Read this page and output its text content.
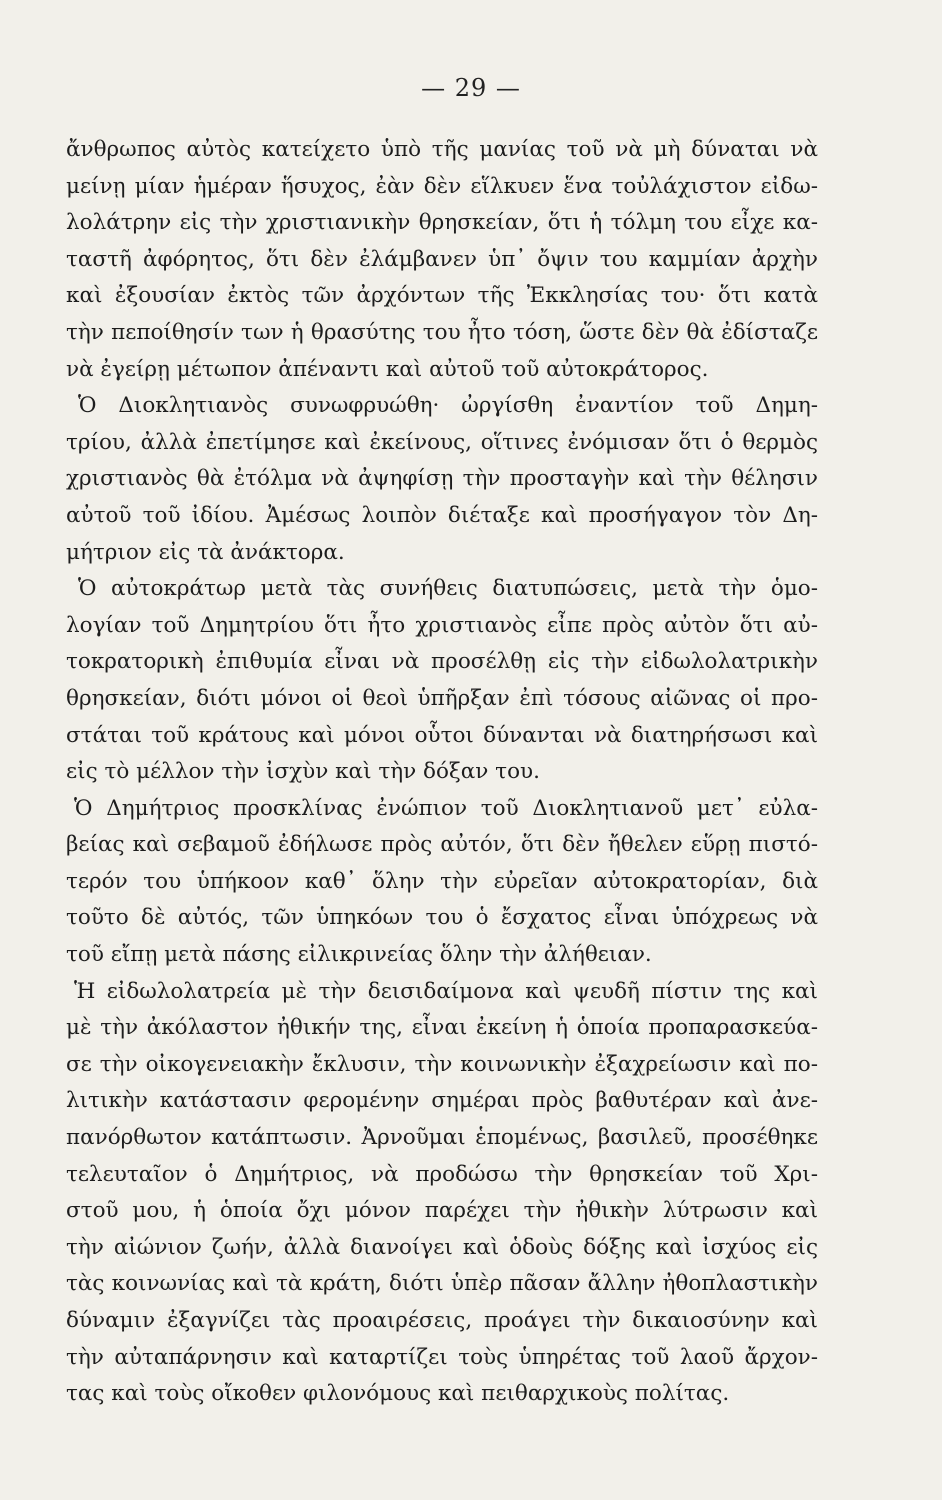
— 29 —
ἄνθρωπος αὐτὸς κατείχετο ὑπὸ τῆς μανίας τοῦ νὰ μὴ δύναται νὰ
μείνῃ μίαν ἡμέραν ἥσυχος, ἐὰν δὲν εἵλκυεν ἕνα τοὐλάχιστον εἰδω-
λολάτρην εἰς τὴν χριστιανικὴν θρησκείαν, ὅτι ἡ τόλμη του εἶχε κα-
ταστῆ ἀφόρητος, ὅτι δὲν ἐλάμβανεν ὑπ᾿ ὄψιν του καμμίαν ἀρχὴν
καὶ ἐξουσίαν ἐκτὸς τῶν ἀρχόντων τῆς Ἐκκλησίας του· ὅτι κατὰ
τὴν πεποίθησίν των ἡ θρασύτης του ἦτο τόση, ὥστε δὲν θὰ ἐδίσταζε
νὰ ἐγείρῃ μέτωπον ἀπέναντι καὶ αὐτοῦ τοῦ αὐτοκράτορος.
Ὁ Διοκλητιανὸς συνωφρυώθη· ὠργίσθη ἐναντίον τοῦ Δημη-
τρίου, ἀλλὰ ἐπετίμησε καὶ ἐκείνους, οἵτινες ἐνόμισαν ὅτι ὁ θερμὸς
χριστιανὸς θὰ ἐτόλμα νὰ ἀψηφίσῃ τὴν προσταγὴν καὶ τὴν θέλησιν
αὐτοῦ τοῦ ἰδίου. Ἀμέσως λοιπὸν διέταξε καὶ προσήγαγον τὸν Δη-
μήτριον εἰς τὰ ἀνάκτορα.
Ὁ αὐτοκράτωρ μετὰ τὰς συνήθεις διατυπώσεις, μετὰ τὴν ὁμο-
λογίαν τοῦ Δημητρίου ὅτι ἦτο χριστιανὸς εἶπε πρὸς αὐτὸν ὅτι αὐ-
τοκρατορικὴ ἐπιθυμία εἶναι νὰ προσέλθῃ εἰς τὴν εἰδωλολατρικὴν
θρησκείαν, διότι μόνοι οἱ θεοὶ ὑπῆρξαν ἐπὶ τόσους αἰῶνας οἱ προ-
στάται τοῦ κράτους καὶ μόνοι οὗτοι δύνανται νὰ διατηρήσωσι καὶ
εἰς τὸ μέλλον τὴν ἰσχὺν καὶ τὴν δόξαν του.
Ὁ Δημήτριος προσκλίνας ἐνώπιον τοῦ Διοκλητιανοῦ μετ᾿ εὐλα-
βείας καὶ σεβαμοῦ ἐδήλωσε πρὸς αὐτόν, ὅτι δὲν ἤθελεν εὕρῃ πιστό-
τερόν του ὑπήκοον καθ᾿ ὅλην τὴν εὐρεῖαν αὐτοκρατορίαν, διὰ
τοῦτο δὲ αὐτός, τῶν ὑπηκόων του ὁ ἔσχατος εἶναι ὑπόχρεως νὰ
τοῦ εἴπῃ μετὰ πάσης εἰλικρινείας ὅλην τὴν ἀλήθειαν.
Ἡ εἰδωλολατρεία μὲ τὴν δεισιδαίμονα καὶ ψευδῆ πίστιν της καὶ
μὲ τὴν ἀκόλαστον ἠθικήν της, εἶναι ἐκείνη ἡ ὁποία προπαρασκεύα-
σε τὴν οἰκογενειακὴν ἔκλυσιν, τὴν κοινωνικὴν ἐξαχρείωσιν καὶ πο-
λιτικὴν κατάστασιν φερομένην σημέραι πρὸς βαθυτέραν καὶ ἀνε-
πανόρθωτον κατάπτωσιν. Ἀρνοῦμαι ἑπομένως, βασιλεῦ, προσέθηκε
τελευταῖον ὁ Δημήτριος, νὰ προδώσω τὴν θρησκείαν τοῦ Χρι-
στοῦ μου, ἡ ὁποία ὄχι μόνον παρέχει τὴν ἠθικὴν λύτρωσιν καὶ
τὴν αἰώνιον ζωήν, ἀλλὰ διανοίγει καὶ ὁδοὺς δόξης καὶ ἰσχύος εἰς
τὰς κοινωνίας καὶ τὰ κράτη, διότι ὑπὲρ πᾶσαν ἄλλην ἠθοπλαστικὴν
δύναμιν ἐξαγνίζει τὰς προαιρέσεις, προάγει τὴν δικαιοσύνην καὶ
τὴν αὐταπάρνησιν καὶ καταρτίζει τοὺς ὑπηρέτας τοῦ λαοῦ ἄρχον-
τας καὶ τοὺς οἴκοθεν φιλονόμους καὶ πειθαρχικοὺς πολίτας.
